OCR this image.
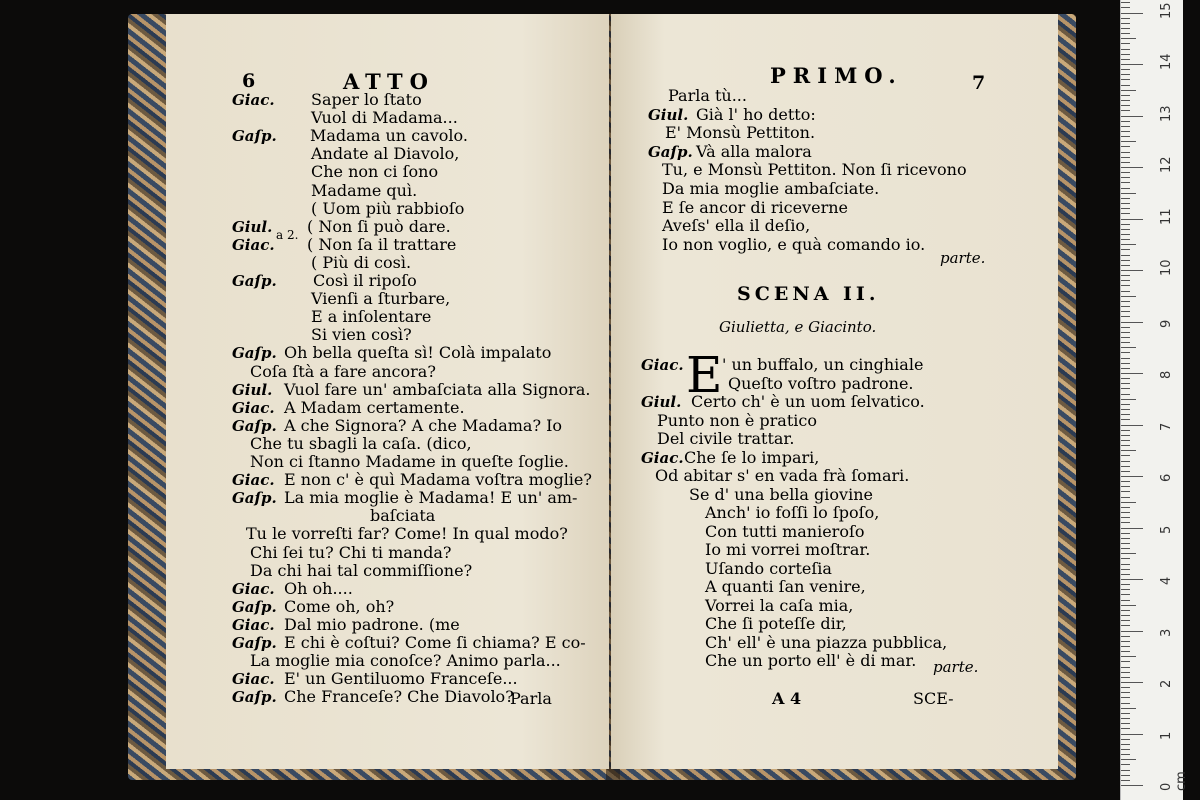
6	ATTO
Giac. Saper lo ſtato
Vuol di Madama...
Gaſp. Madama un cavolo.
Andate al Diavolo,
Che non ci ſono
Madame quì.
( Uom più rabbioſo
Giul. ( Non ſi può dare.
Giac. ( Non ſa il trattare
( Più di così.
Gaſp. Così il ripoſo
Vienſi a ſturbare,
E a inſolentare
Si vien così?
Gaſp. Oh bella queſta sì! Colà impalato
Coſa ſtà a fare ancora?
Giul. Vuol fare un' ambaſciata alla Signora.
Giac. A Madam certamente.
Gaſp. A che Signora? A che Madama? Io
Che tu sbagli la caſa. (dico,
Non ci ſtanno Madame in queſte ſoglie.
Giac. E non c' è quì Madama voſtra moglie?
Gaſp. La mia moglie è Madama! E un' am-
baſciata
Tu le vorreſti far? Come! In qual modo?
Chi ſei tu? Chi ti manda?
Da chi hai tal commiſſione?
Giac. Oh oh....
Gaſp. Come oh, oh?
Giac. Dal mio padrone. (me
Gaſp. E chi è coſtui? Come ſi chiama? E co-
La moglie mia conoſce? Animo parla...
Giac. E' un Gentiluomo Franceſe...
Gaſp. Che Franceſe? Che Diavolo?
a 2.
Parla
PRIMO.	7
Parla tù...
Giul. Già l' ho detto:
E' Monsù Pettiton.
Gaſp. Và alla malora
Tu, e Monsù Pettiton. Non ſi ricevono
Da mia moglie ambaſciate.
E ſe ancor di riceverne
Aveſs' ella il deſio,
Io non voglio, e quà comando io.
parte.
SCENA II.
Giulietta, e Giacinto.
E
Giac. ' un buffalo, un cinghiale
Queſto voſtro padrone.
Giul. Certo ch' è un uom ſelvatico.
Punto non è pratico
Del civile trattar.
Giac. Che ſe lo impari,
Od abitar s' en vada frà ſomari.
Se d' una bella giovine
Anch' io foſſi lo ſpoſo,
Con tutti manieroſo
Io mi vorrei moſtrar.
Uſando corteſia
A quanti ſan venire,
Vorrei la caſa mia,
Che ſi poteſſe dir,
Ch' ell' è una piazza pubblica,
Che un porto ell' è di mar. parte.
A 4	SCE-
0 cm
1
2
3
4
5
6
7
8
9
10
11
12
13
14
15
